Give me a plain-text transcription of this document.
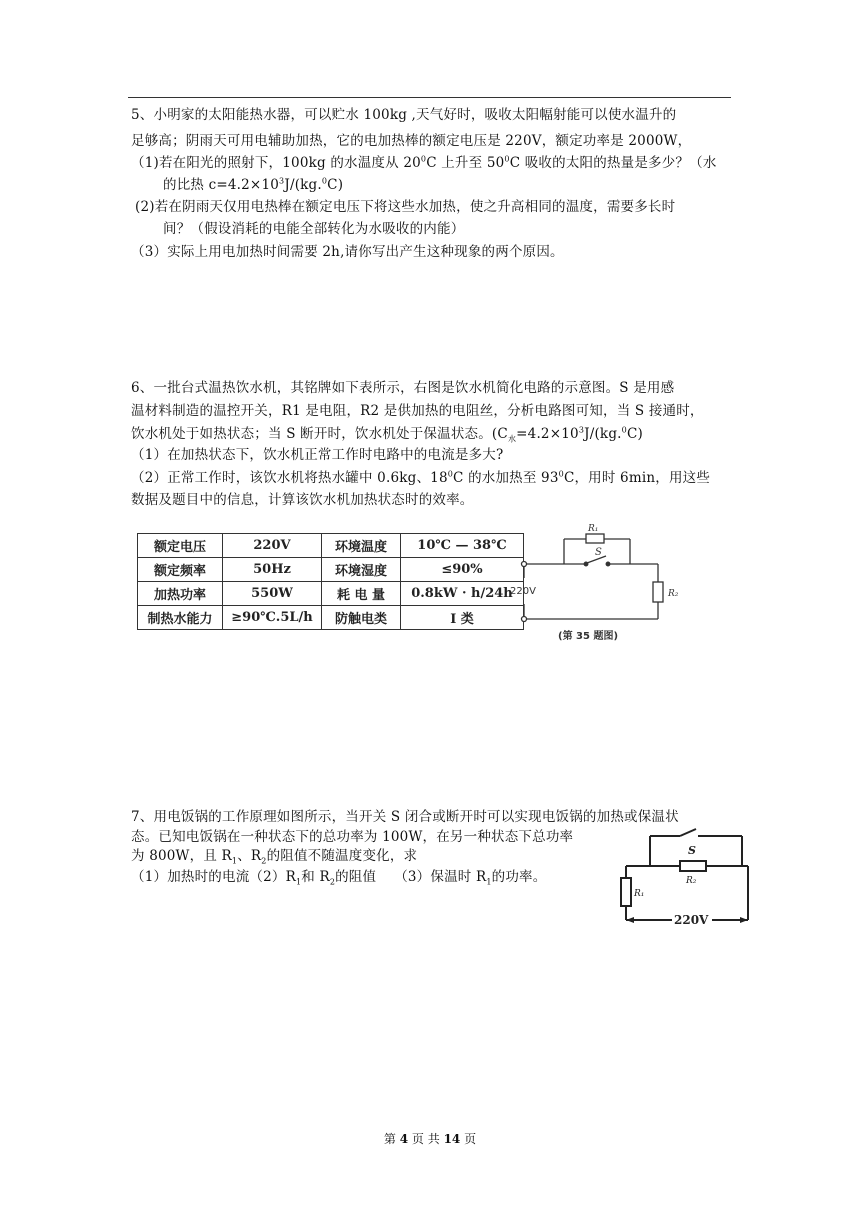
5、小明家的太阳能热水器，可以贮水 100kg ,天气好时，吸收太阳幅射能可以使水温升的
足够高；阴雨天可用电辅助加热，它的电加热棒的额定电压是 220V，额定功率是 2000W，
（1)若在阳光的照射下，100kg 的水温度从 $20^0C$ 上升至 $50^0C$ 吸收的太阳的热量是多少？（水
的比热 $c=4.2\times 10^3J/(kg.^0C)$
(2)若在阴雨天仅用电热棒在额定电压下将这些水加热，使之升高相同的温度，需要多长时
间？（假设消耗的电能全部转化为水吸收的内能）
（3）实际上用电加热时间需要 2h,请你写出产生这种现象的两个原因。
6、一批台式温热饮水机，其铭牌如下表所示，右图是饮水机简化电路的示意图。S 是用感
温材料制造的温控开关，R1 是电阻，R2 是供加热的电阻丝，分析电路图可知，当 S 接通时，
饮水机处于如热状态；当 S 断开时，饮水机处于保温状态。($C_水=4.2\times 10^3J/(kg.^0C)$
（1）在加热状态下，饮水机正常工作时电路中的电流是多大?
（2）正常工作时，该饮水机将热水罐中 0.6kg、$18^0C$ 的水加热至 $93^0C$，用时 6min，用这些
数据及题目中的信息，计算该饮水机加热状态时的效率。
额定电压	220V	环境温度	10℃ — 38℃
额定频率	50Hz	环境湿度	≤90%
加热功率	550W	耗 电 量	0.8kW · h/24h
制热水能力	≥90℃.5L/h	防触电类	I 类
R₁
S
R₂
220V
(第 35 题图)
7、用电饭锅的工作原理如图所示，当开关 S 闭合或断开时可以实现电饭锅的加热或保温状
态。已知电饭锅在一种状态下的总功率为 100W，在另一种状态下总功率
为 800W，且 $R_1$、$R_2$的阻值不随温度变化，求
（1）加热时的电流$(2)R_1$和 $R_2$的阻值 （3）保温时 $R_1$的功率。
S
R₂
R₁
220V
第 4 页 共 14 页
